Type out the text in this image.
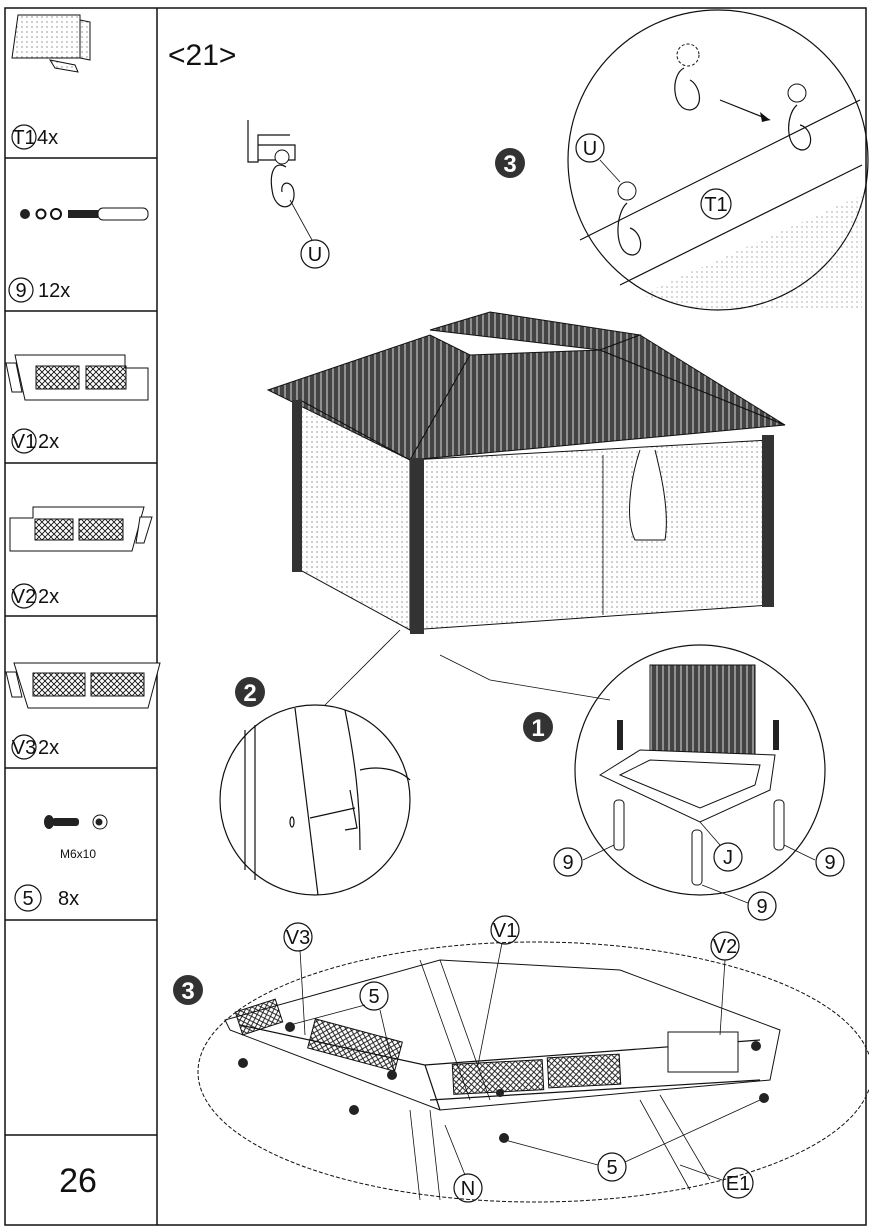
T1 4x
9 12x
V1 2x
V2 2x
V3 2x
M6x10
5 8x
26
<21>
U
3
U
T1
2
1
9	J	9
9
3
V3
5
V1
V2
N
5
E1
